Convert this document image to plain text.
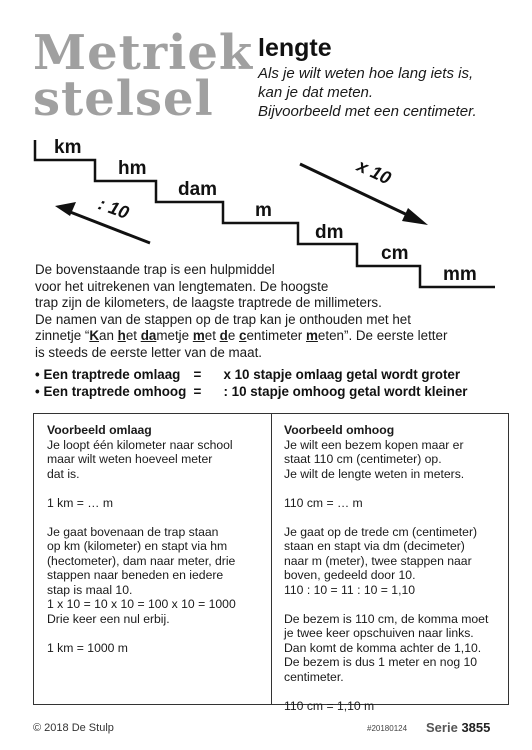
Metriek
stelsel
lengte
Als je wilt weten hoe lang iets is,
kan je dat meten.
Bijvoorbeeld met een centimeter.
km
hm
dam
m
dm
cm
mm
x 10
: 10

De bovenstaande trap is een hulpmiddel

voor het uitrekenen van lengtematen. De hoogste

trap zijn de kilometers, de laagste traptrede de millimeters.

De namen van de stappen op de trap kan je onthouden met het

zinnetje “Kan het dametje met de centimeter meten”. De eerste letter

is steeds de eerste letter van de maat.

•
Een traptrede omlaag =	x 10 stapje omlaag getal wordt groter
•
Een traptrede omhoog =	: 10 stapje omhoog getal wordt kleiner
Voorbeeld omlaag
Je loopt één kilometer naar school
maar wilt weten hoeveel meter
dat is.
1 km = … m
Je gaat bovenaan de trap staan
op km (kilometer) en stapt via hm
(hectometer), dam naar meter, drie
stappen naar beneden en iedere
stap is maal 10.
1 x 10 = 10 x 10 = 100 x 10 = 1000
Drie keer een nul erbij.
1 km = 1000 m
Voorbeeld omhoog
Je wilt een bezem kopen maar er
staat 110 cm (centimeter) op.
Je wilt de lengte weten in meters.
110 cm = … m
Je gaat op de trede cm (centimeter)
staan en stapt via dm (decimeter)
naar m (meter), twee stappen naar
boven, gedeeld door 10.
110 : 10 = 11 : 10 = 1,10
De bezem is 110 cm, de komma moet
je twee keer opschuiven naar links.
Dan komt de komma achter de 1,10.
De bezem is dus 1 meter en nog 10
centimeter.
110 cm = 1,10 m
© 2018 De Stulp	#20180124 Serie 3855
